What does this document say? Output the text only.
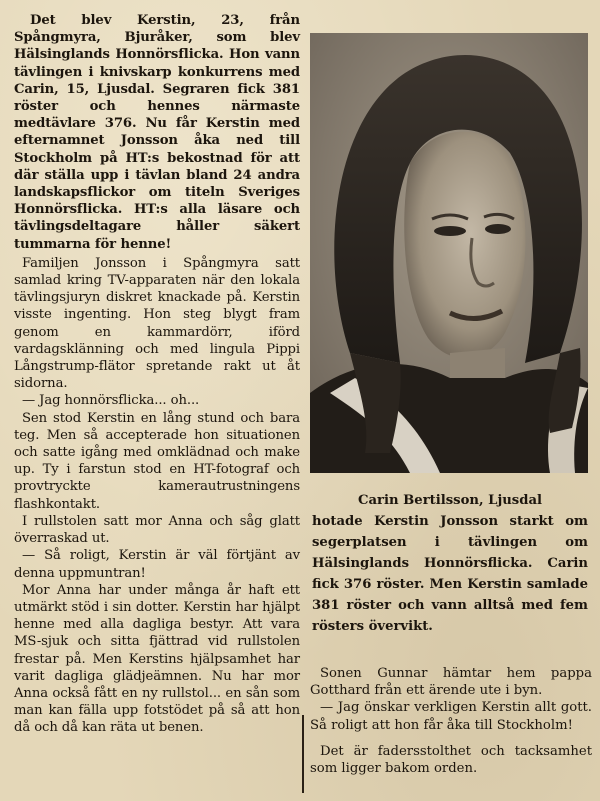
Det blev Kerstin, 23, från Spångmyra, Bjuråker, som blev Hälsinglands Honnörsflicka. Hon vann tävlingen i knivskarp konkurrens med Carin, 15, Ljusdal. Segraren fick 381 röster och hennes närmaste medtävlare 376. Nu får Kerstin med efternamnet Jonsson åka ned till Stockholm på HT:s bekostnad för att där ställa upp i tävlan bland 24 andra landskapsflickor om titeln Sveriges Honnörsflicka. HT:s alla läsare och tävlingsdeltagare håller säkert tummarna för henne!

Familjen Jonsson i Spångmyra satt samlad kring TV-apparaten när den lokala tävlingsjuryn diskret knackade på. Kerstin visste ingenting. Hon steg blygt fram genom en kammardörr, iförd vardagsklänning och med lingula Pippi Långstrump-flätor spretande rakt ut åt sidorna.

— Jag honnörsflicka... oh...

Sen stod Kerstin en lång stund och bara teg. Men så accepterade hon situationen och satte igång med omklädnad och make up. Ty i farstun stod en HT-fotograf och provtryckte kamerautrustningens flashkontakt.

I rullstolen satt mor Anna och såg glatt överraskad ut.

— Så roligt, Kerstin är väl förtjänt av denna uppmuntran!

Mor Anna har under många år haft ett utmärkt stöd i sin dotter. Kerstin har hjälpt henne med alla dagliga bestyr. Att vara MS-sjuk och sitta fjättrad vid rullstolen frestar på. Men Kerstins hjälpsamhet har varit dagliga glädjeämnen. Nu har mor Anna också fått en ny rullstol... en sån som man kan fälla upp fotstödet på så att hon då och då kan räta ut benen.

Carin Bertilsson, Ljusdal

hotade Kerstin Jonsson starkt om segerplatsen i tävlingen om Hälsinglands Honnörsflicka. Carin fick 376 röster. Men Kerstin samlade 381 röster och vann alltså med fem rösters övervikt.

Sonen Gunnar hämtar hem pappa Gotthard från ett ärende ute i byn.

— Jag önskar verkligen Kerstin allt gott. Så roligt att hon får åka till Stockholm!

Det är fadersstolthet och tacksamhet som ligger bakom orden.
